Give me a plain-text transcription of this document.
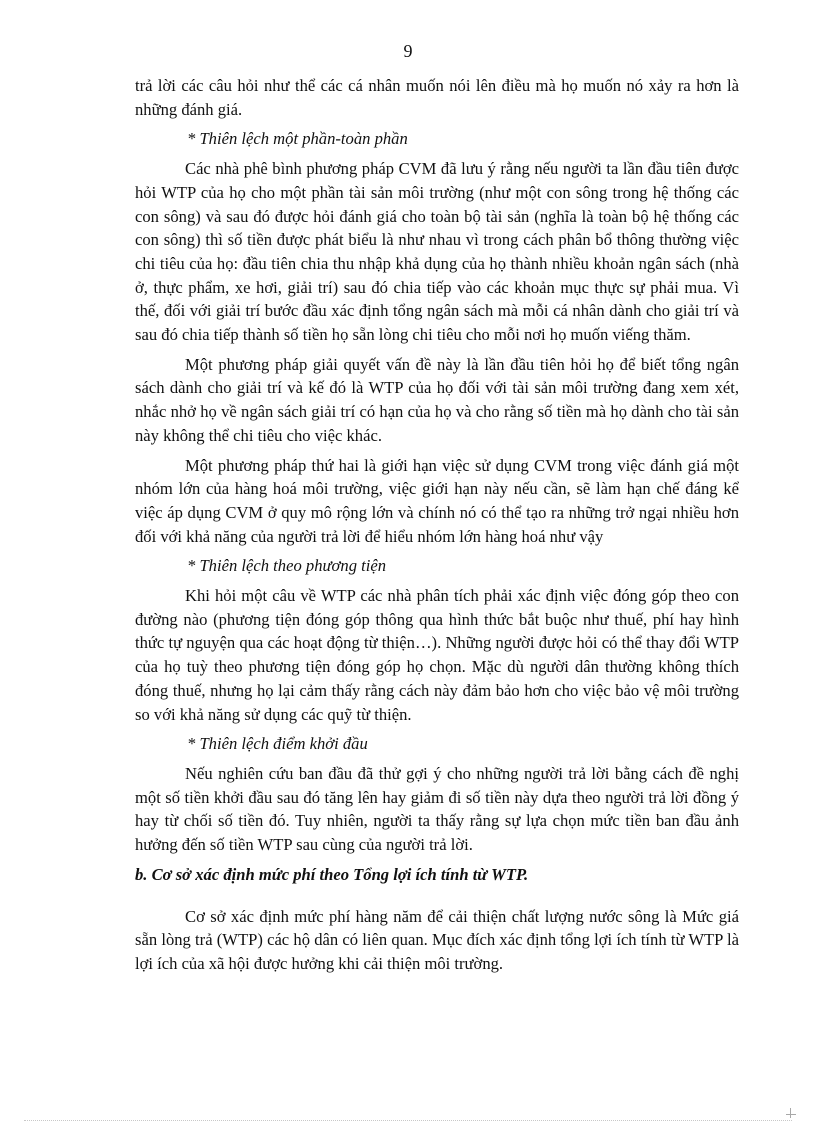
9

trả lời các câu hỏi như thể các cá nhân muốn nói lên điều mà họ muốn nó xảy ra hơn là những đánh giá.

* Thiên lệch một phần-toàn phần

Các nhà phê bình phương pháp CVM đã lưu ý rằng nếu người ta lần đầu tiên được hỏi WTP của họ cho một phần tài sản môi trường (như một con sông trong hệ thống các con sông) và sau đó được hỏi đánh giá cho toàn bộ tài sản (nghĩa là toàn bộ hệ thống các con sông) thì số tiền được phát biểu là như nhau vì trong cách phân bổ thông thường việc chi tiêu của họ: đầu tiên chia thu nhập khả dụng của họ thành nhiều khoản ngân sách (nhà ở, thực phẩm, xe hơi, giải trí) sau đó chia tiếp vào các khoản mục thực sự phải mua. Vì thế, đối với giải trí bước đầu xác định tổng ngân sách mà mỗi cá nhân dành cho giải trí và sau đó chia tiếp thành số tiền họ sẵn lòng chi tiêu cho mỗi nơi họ muốn viếng thăm.

Một phương pháp giải quyết vấn đề này là lần đầu tiên hỏi họ để biết tổng ngân sách dành cho giải trí và kế đó là WTP của họ đối với tài sản môi trường đang xem xét, nhắc nhở họ về ngân sách giải trí có hạn của họ và cho rằng số tiền mà họ dành cho tài sản này không thể chi tiêu cho việc khác.

Một phương pháp thứ hai là giới hạn việc sử dụng CVM trong việc đánh giá một nhóm lớn của hàng hoá môi trường, việc giới hạn này nếu cần, sẽ làm hạn chế đáng kể việc áp dụng CVM ở quy mô rộng lớn và chính nó có thể tạo ra những trở ngại nhiều hơn đối với khả năng của người trả lời để hiểu nhóm lớn hàng hoá như vậy

* Thiên lệch theo phương tiện

Khi hỏi một câu về WTP các nhà phân tích phải xác định việc đóng góp theo con đường nào (phương tiện đóng góp thông qua hình thức bắt buộc như thuế, phí hay hình thức tự nguyện qua các hoạt động từ thiện…). Những người được hỏi có thể thay đổi WTP của họ tuỳ theo phương tiện đóng góp họ chọn. Mặc dù người dân thường không thích đóng thuế, nhưng họ lại cảm thấy rằng cách này đảm bảo hơn cho việc bảo vệ môi trường so với khả năng sử dụng các quỹ từ thiện.

* Thiên lệch điểm khởi đầu

Nếu nghiên cứu ban đầu đã thử gợi ý cho những người trả lời bằng cách đề nghị một số tiền khởi đầu sau đó tăng lên hay giảm đi số tiền này dựa theo người trả lời đồng ý hay từ chối số tiền đó. Tuy nhiên, người ta thấy rằng sự lựa chọn mức tiền ban đầu ảnh hưởng đến số tiền WTP sau cùng của người trả lời.

b. Cơ sở xác định mức phí theo Tổng lợi ích tính từ WTP.

Cơ sở xác định mức phí hàng năm để cải thiện chất lượng nước sông là Mức giá sẵn lòng trả (WTP) các hộ dân có liên quan. Mục đích xác định tổng lợi ích tính từ WTP là lợi ích của xã hội được hưởng khi cải thiện môi trường.
